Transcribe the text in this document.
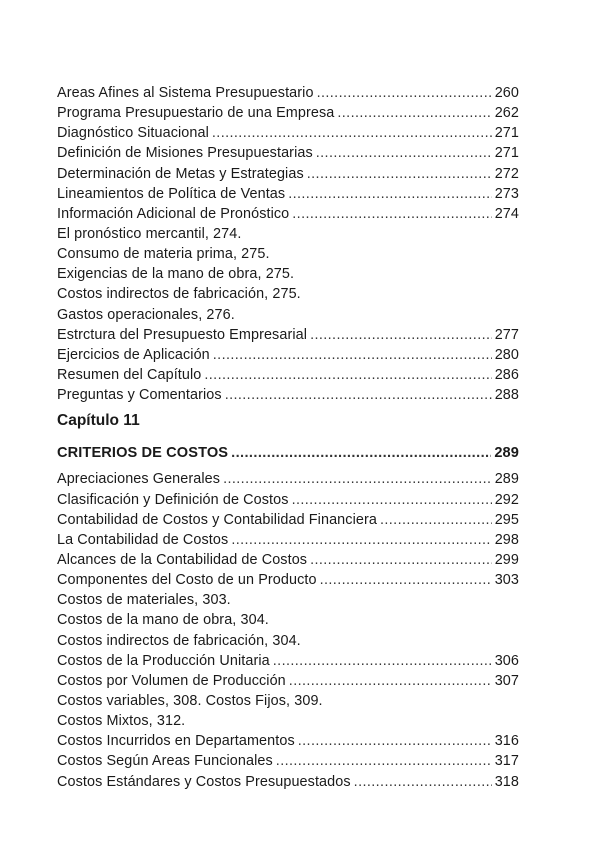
Areas Afines al Sistema Presupuestario .....	260
Programa Presupuestario de una Empresa .....	262
Diagnóstico Situacional .....	271
Definición de Misiones Presupuestarias .....	271
Determinación de Metas y Estrategias .....	272
Lineamientos de Política de Ventas .....	273
Información Adicional de Pronóstico .....	274
El pronóstico mercantil, 274.
Consumo de materia prima, 275.
Exigencias de la mano de obra, 275.
Costos indirectos de fabricación, 275.
Gastos operacionales, 276.
Estrctura del Presupuesto Empresarial .....	277
Ejercicios de Aplicación .....	280
Resumen del Capítulo .....	286
Preguntas y Comentarios .....	288
Capítulo 11
CRITERIOS DE COSTOS .....	289
Apreciaciones Generales .....	289
Clasificación y Definición de Costos .....	292
Contabilidad de Costos y Contabilidad Financiera .....	295
La Contabilidad de Costos .....	298
Alcances de la Contabilidad de Costos .....	299
Componentes del Costo de un Producto .....	303
Costos de materiales, 303.
Costos de la mano de obra, 304.
Costos indirectos de fabricación, 304.
Costos de la Producción Unitaria .....	306
Costos por Volumen de Producción .....	307
Costos variables, 308. Costos Fijos, 309.
Costos Mixtos, 312.
Costos Incurridos en Departamentos .....	316
Costos Según Areas Funcionales .....	317
Costos Estándares y Costos Presupuestados .....	318
